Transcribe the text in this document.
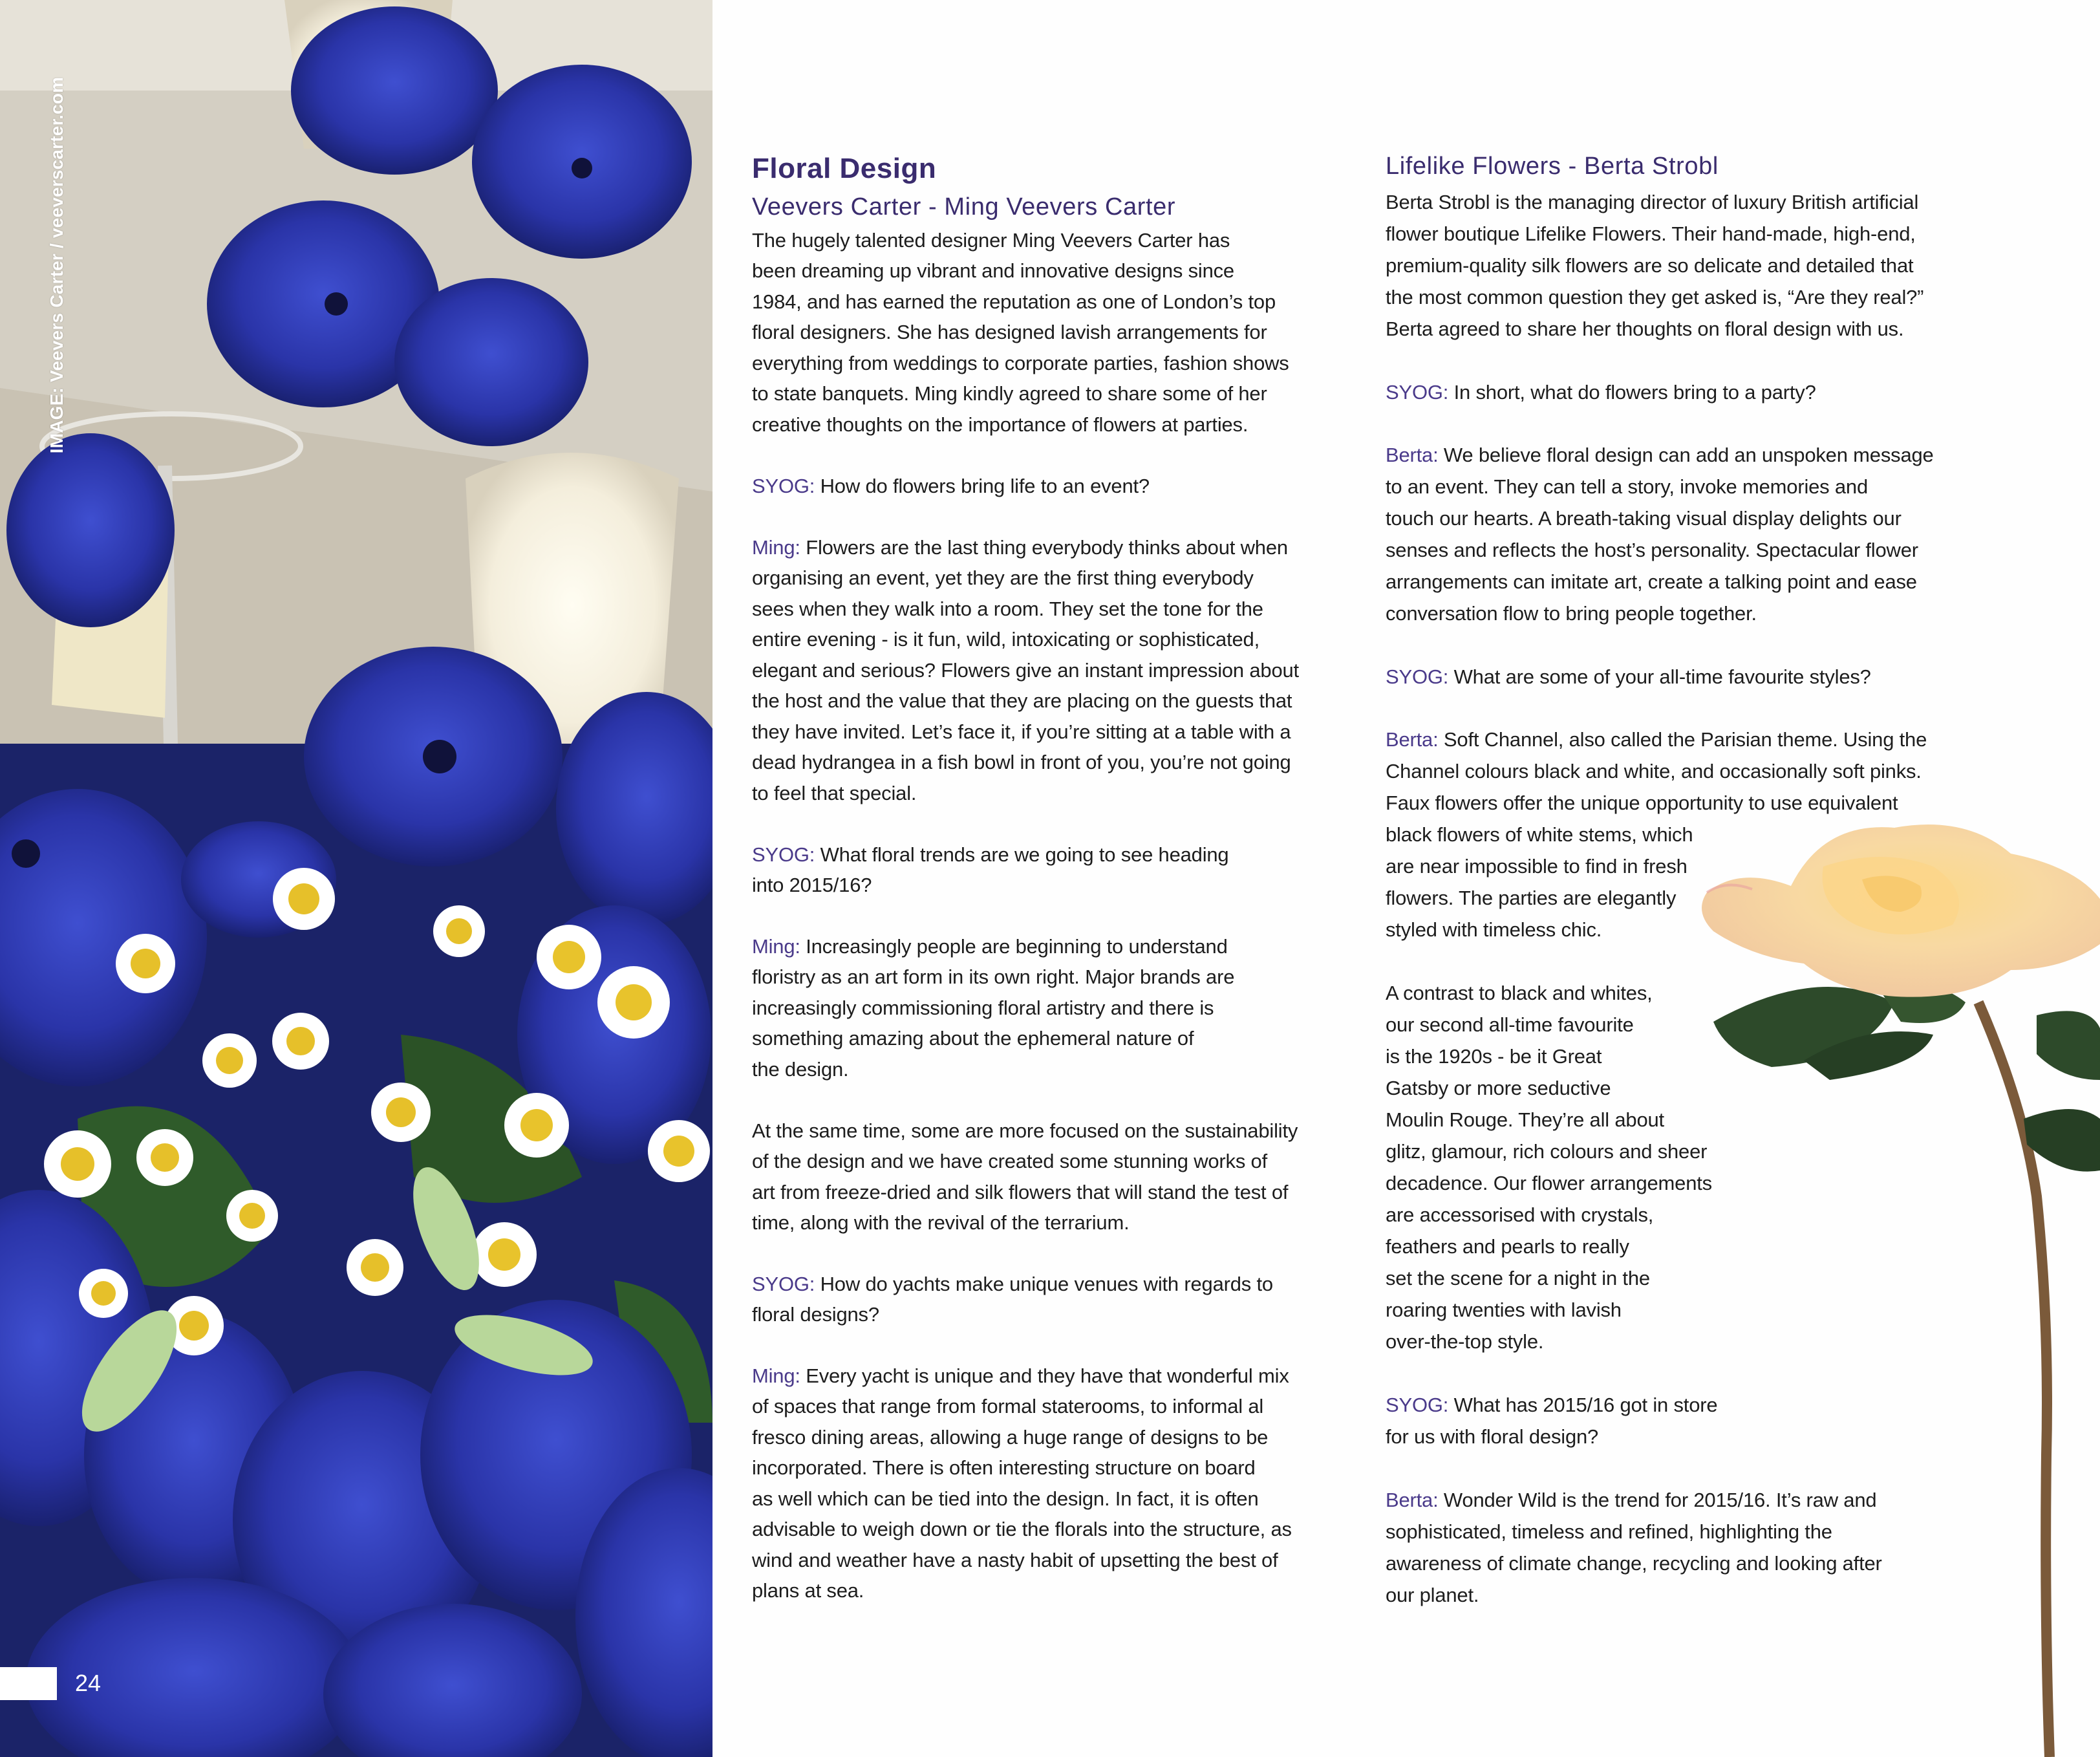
IMAGE: Veevers Carter / veeverscarter.com
24
Floral Design
Veevers Carter - Ming Veevers Carter
The hugely talented designer Ming Veevers Carter has
been dreaming up vibrant and innovative designs since
1984, and has earned the reputation as one of London’s top
floral designers. She has designed lavish arrangements for
everything from weddings to corporate parties, fashion shows
to state banquets. Ming kindly agreed to share some of her
creative thoughts on the importance of flowers at parties.
SYOG: How do flowers bring life to an event?
Ming: Flowers are the last thing everybody thinks about when
organising an event, yet they are the first thing everybody
sees when they walk into a room. They set the tone for the
entire evening - is it fun, wild, intoxicating or sophisticated,
elegant and serious? Flowers give an instant impression about
the host and the value that they are placing on the guests that
they have invited. Let’s face it, if you’re sitting at a table with a
dead hydrangea in a fish bowl in front of you, you’re not going
to feel that special.
SYOG: What floral trends are we going to see heading
into 2015/16?
Ming: Increasingly people are beginning to understand
floristry as an art form in its own right. Major brands are
increasingly commissioning floral artistry and there is
something amazing about the ephemeral nature of
the design.
At the same time, some are more focused on the sustainability
of the design and we have created some stunning works of
art from freeze-dried and silk flowers that will stand the test of
time, along with the revival of the terrarium.
SYOG: How do yachts make unique venues with regards to
floral designs?
Ming: Every yacht is unique and they have that wonderful mix
of spaces that range from formal staterooms, to informal al
fresco dining areas, allowing a huge range of designs to be
incorporated. There is often interesting structure on board
as well which can be tied into the design. In fact, it is often
advisable to weigh down or tie the florals into the structure, as
wind and weather have a nasty habit of upsetting the best of
plans at sea.
Lifelike Flowers - Berta Strobl
Berta Strobl is the managing director of luxury British artificial
flower boutique Lifelike Flowers. Their hand-made, high-end,
premium-quality silk flowers are so delicate and detailed that
the most common question they get asked is, “Are they real?”
Berta agreed to share her thoughts on floral design with us.
SYOG: In short, what do flowers bring to a party?
Berta: We believe floral design can add an unspoken message
to an event. They can tell a story, invoke memories and
touch our hearts. A breath-taking visual display delights our
senses and reflects the host’s personality. Spectacular flower
arrangements can imitate art, create a talking point and ease
conversation flow to bring people together.
SYOG: What are some of your all-time favourite styles?
Berta: Soft Channel, also called the Parisian theme. Using the
Channel colours black and white, and occasionally soft pinks.
Faux flowers offer the unique opportunity to use equivalent
black flowers of white stems, which
are near impossible to find in fresh
flowers. The parties are elegantly
styled with timeless chic.
A contrast to black and whites,
our second all-time favourite
is the 1920s - be it Great
Gatsby or more seductive
Moulin Rouge. They’re all about
glitz, glamour, rich colours and sheer
decadence. Our flower arrangements
are accessorised with crystals,
feathers and pearls to really
set the scene for a night in the
roaring twenties with lavish
over-the-top style.
SYOG: What has 2015/16 got in store
for us with floral design?
Berta: Wonder Wild is the trend for 2015/16. It’s raw and
sophisticated, timeless and refined, highlighting the
awareness of climate change, recycling and looking after
our planet.
